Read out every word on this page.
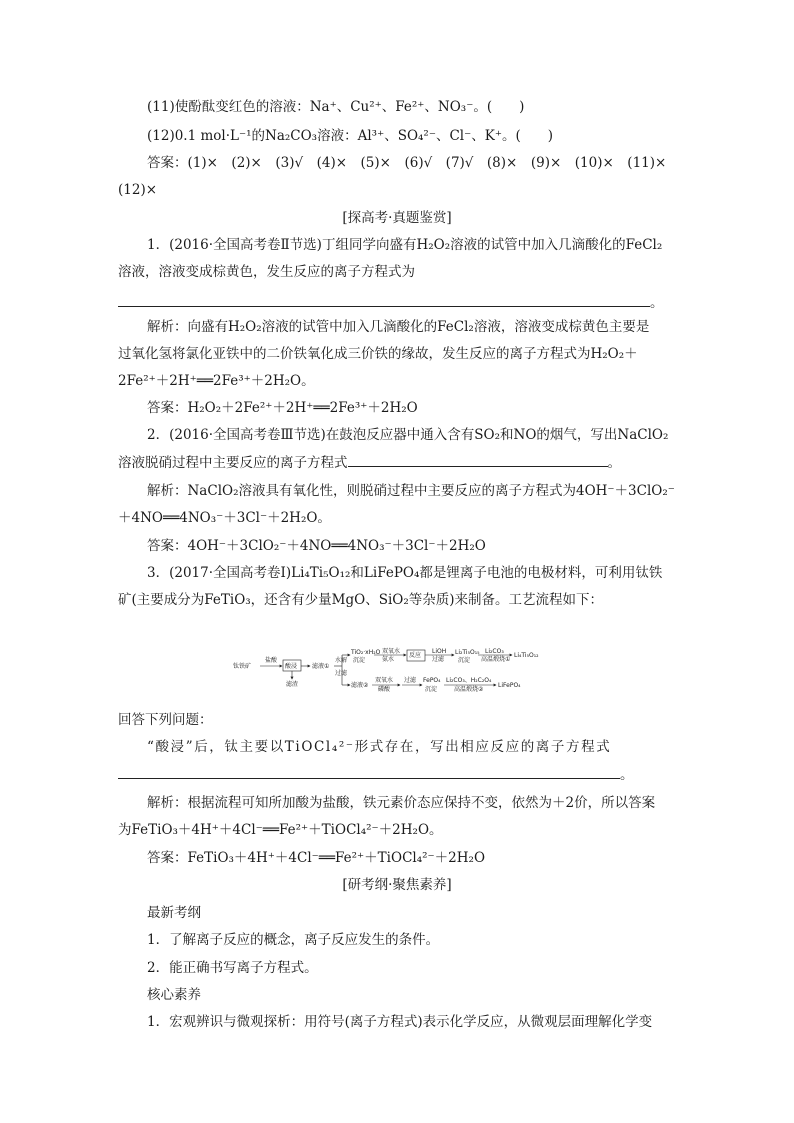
(11)使酚酞变红色的溶液：Na⁺、Cu²⁺、Fe²⁺、NO₃⁻。(　　)
(12)0.1 mol·L⁻¹的Na₂CO₃溶液：Al³⁺、SO₄²⁻、Cl⁻、K⁺。(　　)
答案：(1)×　(2)×　(3)√　(4)×　(5)×　(6)√　(7)√　(8)×　(9)×　(10)×　(11)×
(12)×
[探高考·真题鉴赏]
1．(2016·全国高考卷Ⅱ节选)丁组同学向盛有H₂O₂溶液的试管中加入几滴酸化的FeCl₂
溶液，溶液变成棕黄色，发生反应的离子方程式为
。
解析：向盛有H₂O₂溶液的试管中加入几滴酸化的FeCl₂溶液，溶液变成棕黄色主要是
过氧化氢将氯化亚铁中的二价铁氧化成三价铁的缘故，发生反应的离子方程式为H₂O₂＋
2Fe²⁺＋2H⁺══2Fe³⁺＋2H₂O。
答案：H₂O₂＋2Fe²⁺＋2H⁺══2Fe³⁺＋2H₂O
2．(2016·全国高考卷Ⅲ节选)在鼓泡反应器中通入含有SO₂和NO的烟气，写出NaClO₂
溶液脱硝过程中主要反应的离子方程式	。
解析：NaClO₂溶液具有氧化性，则脱硝过程中主要反应的离子方程式为4OH⁻＋3ClO₂⁻
＋4NO══4NO₃⁻＋3Cl⁻＋2H₂O。
答案：4OH⁻＋3ClO₂⁻＋4NO══4NO₃⁻＋3Cl⁻＋2H₂O
3．(2017·全国高考卷Ⅰ)Li₄Ti₅O₁₂和LiFePO₄都是锂离子电池的电极材料，可利用钛铁
矿(主要成分为FeTiO₃，还含有少量MgO、SiO₂等杂质)来制备。工艺流程如下：
钛铁矿
盐酸
酸浸
滤渣
滤液①
水解
过滤
TiO₂·xH₂O
沉淀
双氧水
氨水
反应
LiOH
过滤
Li₂Ti₅O₁₅
沉淀
Li₂CO₃
高温煅烧①
Li₄Ti₅O₁₂
滤液②
双氧水
磷酸
过滤 FePO₄
沉淀
Li₂CO₃、H₂C₂O₄
高温煅烧②
LiFePO₄
回答下列问题：
“酸浸”后，钛主要以TiOCl₄²⁻形式存在，写出相应反应的离子方程式
。
解析：根据流程可知所加酸为盐酸，铁元素价态应保持不变，依然为＋2价，所以答案
为FeTiO₃＋4H⁺＋4Cl⁻══Fe²⁺＋TiOCl₄²⁻＋2H₂O。
答案：FeTiO₃＋4H⁺＋4Cl⁻══Fe²⁺＋TiOCl₄²⁻＋2H₂O
[研考纲·聚焦素养]
最新考纲
1．了解离子反应的概念，离子反应发生的条件。
2．能正确书写离子方程式。
核心素养
1．宏观辨识与微观探析：用符号(离子方程式)表示化学反应，从微观层面理解化学变
